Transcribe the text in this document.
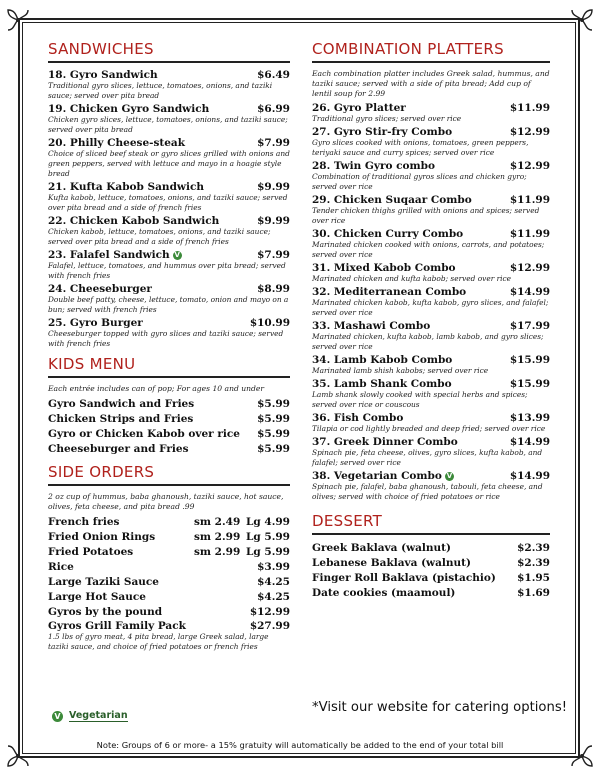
SANDWICHES
18. Gyro Sandwich	$6.49
Traditional gyro slices, lettuce, tomatoes, onions, and taziki sauce; served over pita bread
19. Chicken Gyro Sandwich	$6.99
Chicken gyro slices, lettuce, tomatoes, onions, and taziki sauce; served over pita bread
20. Philly Cheese-steak	$7.99
Choice of sliced beef steak or gyro slices grilled with onions and green peppers, served with lettuce and mayo in a hoagie style bread
21. Kufta Kabob Sandwich	$9.99
Kufta kabob, lettuce, tomatoes, onions, and taziki sauce; served over pita bread and a side of french fries
22. Chicken Kabob Sandwich	$9.99
Chicken kabob, lettuce, tomatoes, onions, and taziki sauce; served over pita bread and a side of french fries
23. Falafel Sandwich V	$7.99
Falafel, lettuce, tomatoes, and hummus over pita bread; served with french fries
24. Cheeseburger	$8.99
Double beef patty, cheese, lettuce, tomato, onion and mayo on a bun; served with french fries
25. Gyro Burger	$10.99
Cheeseburger topped with gyro slices and taziki sauce; served with french fries
KIDS MENU
Each entrée includes can of pop; For ages 10 and under
Gyro Sandwich and Fries	$5.99
Chicken Strips and Fries	$5.99
Gyro or Chicken Kabob over rice $5.99
Cheeseburger and Fries	$5.99
SIDE ORDERS
2 oz cup of hummus, baba ghanoush, taziki sauce, hot sauce, olives, feta cheese, and pita bread .99
French fries	sm 2.49 Lg 4.99
Fried Onion Rings	sm 2.99 Lg 5.99
Fried Potatoes	sm 2.99 Lg 5.99
Rice	$3.99
Large Taziki Sauce	$4.25
Large Hot Sauce	$4.25
Gyros by the pound	$12.99
Gyros Grill Family Pack	$27.99
1.5 lbs of gyro meat, 4 pita bread, large Greek salad, large taziki sauce, and choice of fried potatoes or french fries
COMBINATION PLATTERS
Each combination platter includes Greek salad, hummus, and taziki sauce; served with a side of pita bread; Add cup of lentil soup for 2.99
26. Gyro Platter	$11.99
Traditional gyro slices; served over rice
27. Gyro Stir-fry Combo	$12.99
Gyro slices cooked with onions, tomatoes, green peppers, teriyaki sauce and curry spices; served over rice
28. Twin Gyro combo	$12.99
Combination of traditional gyros slices and chicken gyro; served over rice
29. Chicken Suqaar Combo	$11.99
Tender chicken thighs grilled with onions and spices; served over rice
30. Chicken Curry Combo	$11.99
Marinated chicken cooked with onions, carrots, and potatoes; served over rice
31. Mixed Kabob Combo	$12.99
Marinated chicken and kufta kabob; served over rice
32. Mediterranean Combo	$14.99
Marinated chicken kabob, kufta kabob, gyro slices, and falafel; served over rice
33. Mashawi Combo	$17.99
Marinated chicken, kufta kabob, lamb kabob, and gyro slices; served over rice
34. Lamb Kabob Combo	$15.99
Marinated lamb shish kabobs; served over rice
35. Lamb Shank Combo	$15.99
Lamb shank slowly cooked with special herbs and spices; served over rice or couscous
36. Fish Combo	$13.99
Tilapia or cod lightly breaded and deep fried; served over rice
37. Greek Dinner Combo	$14.99
Spinach pie, feta cheese, olives, gyro slices, kufta kabob, and falafel; served over rice
38. Vegetarian Combo V	$14.99
Spinach pie, falafel, baba ghanoush, tabouli, feta cheese, and olives; served with choice of fried potatoes or rice
DESSERT
Greek Baklava (walnut)	$2.39
Lebanese Baklava (walnut)	$2.39
Finger Roll Baklava (pistachio) $1.95
Date cookies (maamoul)	$1.69
V Vegetarian
*Visit our website for catering options!
Note: Groups of 6 or more- a 15% gratuity will automatically be added to the end of your total bill
